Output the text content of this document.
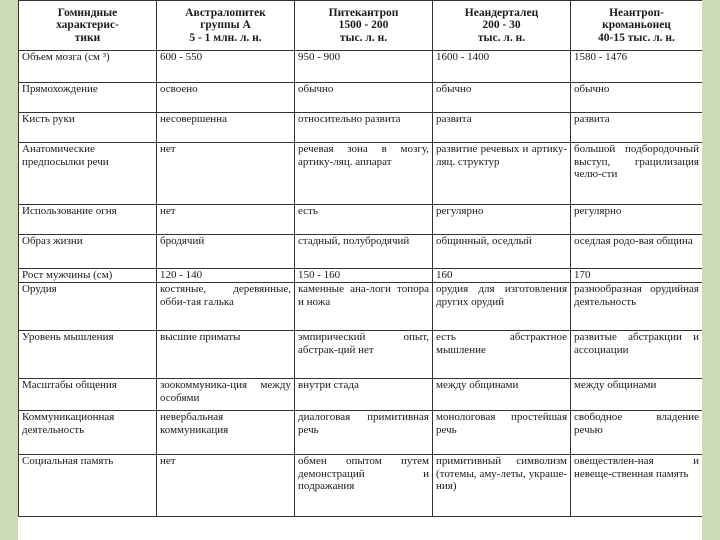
Гоминдные
характерис-
тики	Австралопитек
группы А
5 - 1 млн. л. н.	Питекантроп
1500 - 200
тыс. л. н.	Неандерталец
200 - 30
тыс. л. н.	Неантроп-
кроманьонец
40-15 тыс. л. н.

Объем мозга (см ³)	600 - 550	950 - 900	1600 - 1400	1580 - 1476
Прямохождение	освоено	обычно	обычно	обычно
Кисть руки	несовершенна	относительно развита	развита	развита
Анатомические предпосылки речи	нет	речевая зона в мозгу, артику-ляц. аппарат	развитие речевых и артику-ляц. структур	большой подбородочный выступ, грацилизация челю-сти
Использование огня	нет	есть	регулярно	регулярно
Образ жизни	бродячий	стадный, полубродячий	общинный, оседлый	оседлая родо-вая община
Рост мужчины (см)	120 - 140	150 - 160	160	170
Орудия	костяные, деревянные, обби-тая галька	каменные ана-логи топора и ножа	орудия для изготовления других орудий	разнообразная орудийная деятельность
Уровень мышления	высшие приматы	эмпирический опыт, абстрак-ций нет	есть абстрактное мышление	развитые абстракции и ассоциации
Масштабы общения	зоокоммуника-ция между особями	внутри стада	между общинами	между общинами
Коммуникационная деятельность	невербальная коммуникация	диалоговая примитивная речь	монологовая простейшая речь	свободное владение речью
Социальная память	нет	обмен опытом путем демонстраций и подражания	примитивный символизм (тотемы, аму-леты, украше-ния)	овеществлен-ная и невеще-ственная память
